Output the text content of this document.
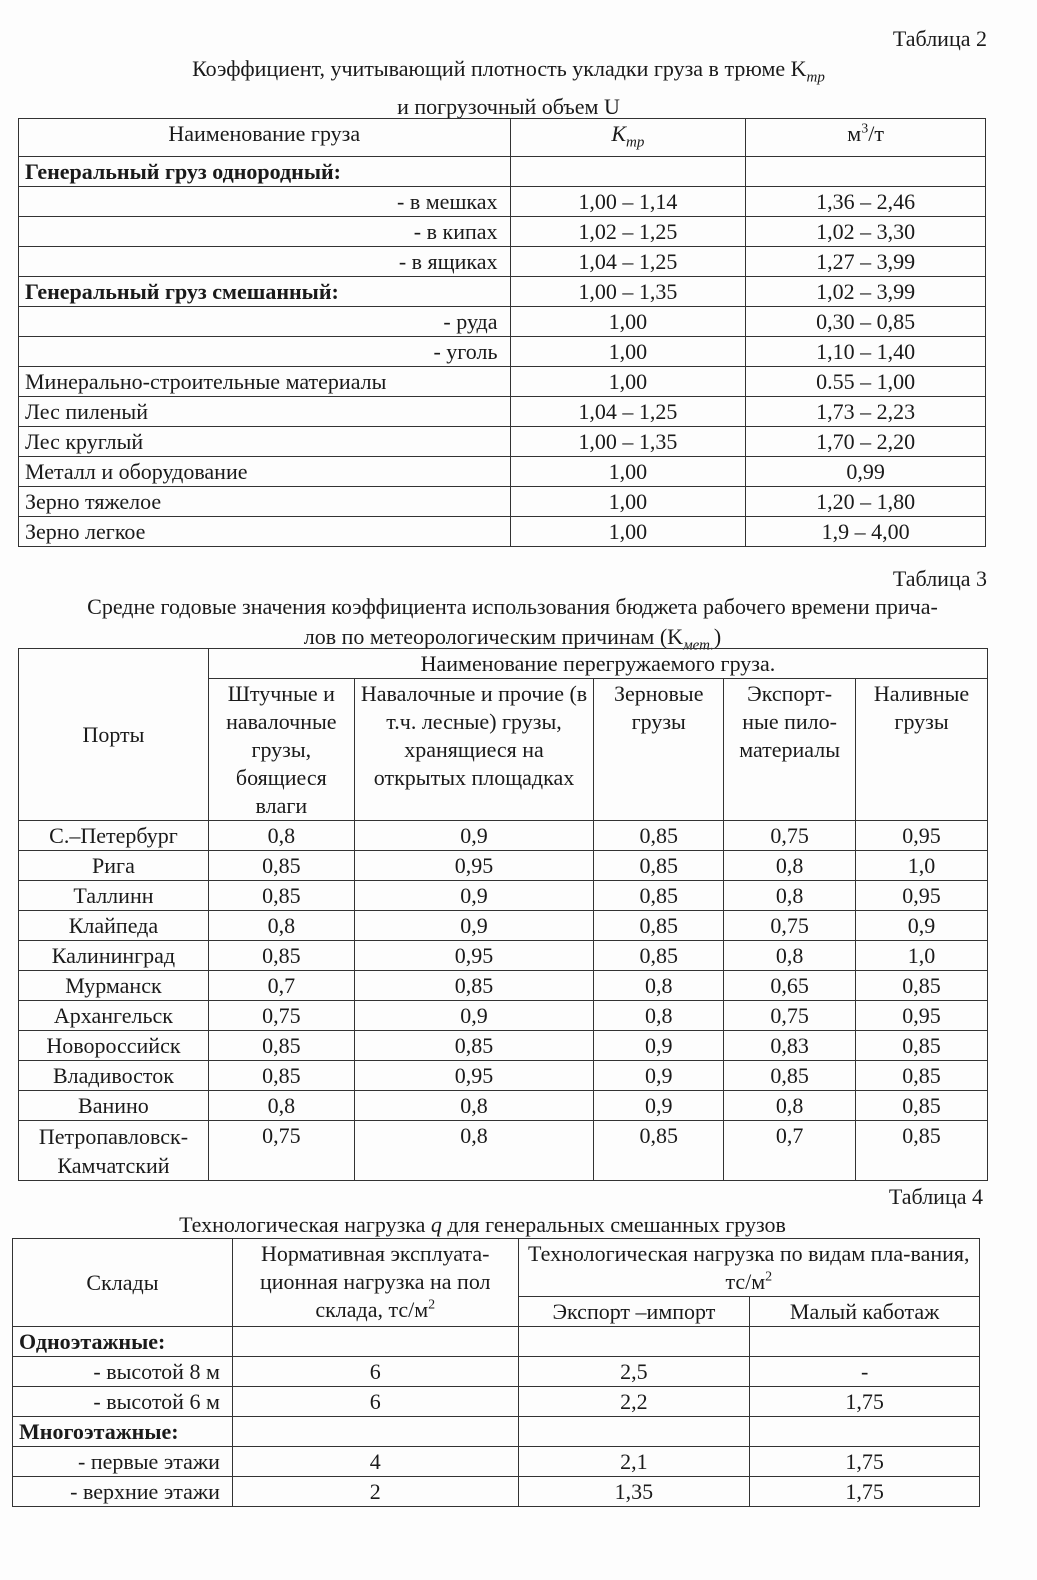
Таблица 2
Коэффициент, учитывающий плотность укладки груза в трюме $K_{тр}$
и погрузочный объем U
Наименование груза	$K_{тр}$	$м^3/т$
Генеральный груз однородный:		
- в мешках	1,00 – 1,14	1,36 – 2,46
- в кипах	1,02 – 1,25	1,02 – 3,30
- в ящиках	1,04 – 1,25	1,27 – 3,99
Генеральный груз смешанный:	1,00 – 1,35	1,02 – 3,99
- руда	1,00	0,30 – 0,85
- уголь	1,00	1,10 – 1,40
Минерально-строительные материалы	1,00	0.55 – 1,00
Лес пиленый	1,04 – 1,25	1,73 – 2,23
Лес круглый	1,00 – 1,35	1,70 – 2,20
Металл и оборудование	1,00	0,99
Зерно тяжелое	1,00	1,20 – 1,80
Зерно легкое	1,00	1,9 – 4,00
Таблица 3
Средне годовые значения коэффициента использования бюджета рабочего времени прича-
лов по метеорологическим причинам $(K_{мет.})$
Порты	Наименование перегружаемого груза.				
	Штучные и навалочные грузы, боящиеся влаги	Навалочные и прочие (в т.ч. лесные) грузы, хранящиеся на открытых площадках	Зерновые грузы	Экспорт-ные пило-материалы	Наливные грузы
С.–Петербург	0,8	0,9	0,85	0,75	0,95
Рига	0,85	0,95	0,85	0,8	1,0
Таллинн	0,85	0,9	0,85	0,8	0,95
Клайпеда	0,8	0,9	0,85	0,75	0,9
Калининград	0,85	0,95	0,85	0,8	1,0
Мурманск	0,7	0,85	0,8	0,65	0,85
Архангельск	0,75	0,9	0,8	0,75	0,95
Новороссийск	0,85	0,85	0,9	0,83	0,85
Владивосток	0,85	0,95	0,9	0,85	0,85
Ванино	0,8	0,8	0,9	0,8	0,85
Петропавловск-Камчатский	0,75	0,8	0,85	0,7	0,85
Таблица 4
Технологическая нагрузка q для генеральных смешанных грузов
Склады	Нормативная эксплуата-ционная нагрузка на пол склада, $тс/м^2$	Технологическая нагрузка по видам пла-вания, $тс/м^2$
		Экспорт –импорт	Малый каботаж
Одноэтажные:			
- высотой 8 м	6	2,5	-
- высотой 6 м	6	2,2	1,75
Многоэтажные:			
- первые этажи	4	2,1	1,75
- верхние этажи	2	1,35	1,75
